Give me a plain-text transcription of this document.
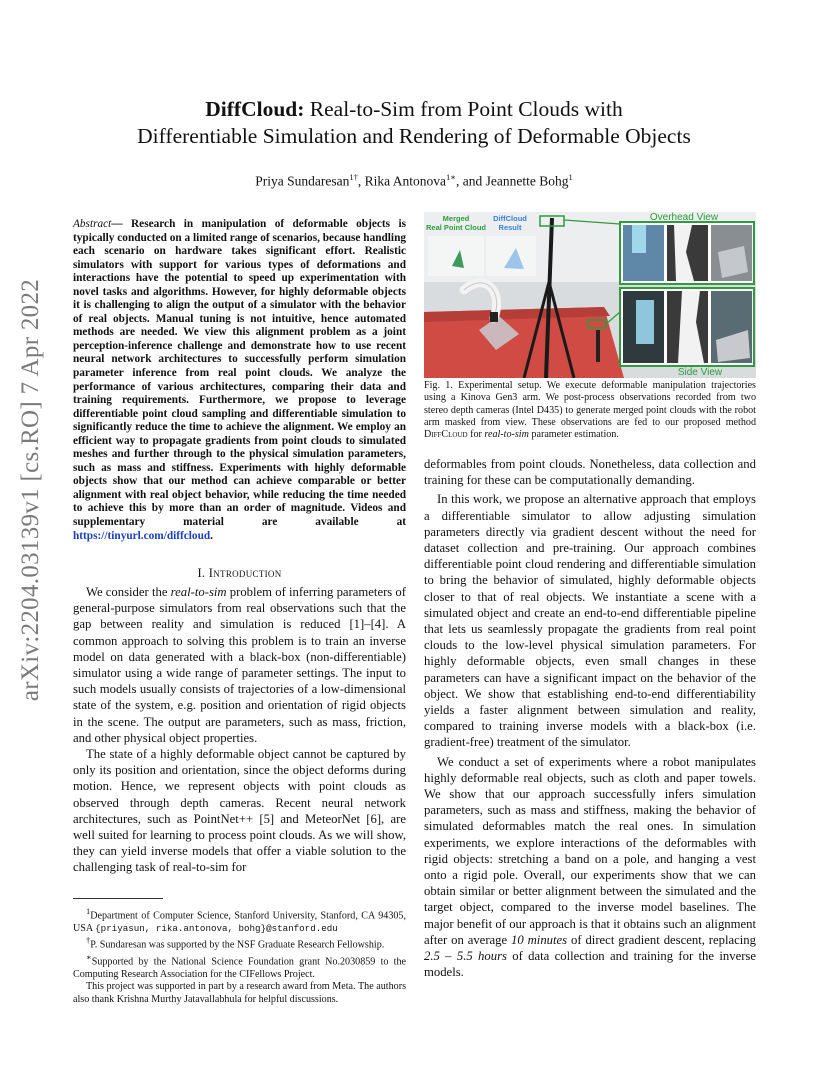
DiffCloud: Real-to-Sim from Point Clouds with
Differentiable Simulation and Rendering of Deformable Objects
Priya Sundaresan$^{1\dagger}$, Rika Antonova$^{1∗}$, and Jeannette Bohg$^1$
arXiv:2204.03139v1 [cs.RO] 7 Apr 2022
Abstract— Research in manipulation of deformable objects is typically conducted on a limited range of scenarios, because handling each scenario on hardware takes significant effort. Realistic simulators with support for various types of deformations and interactions have the potential to speed up experimentation with novel tasks and algorithms. However, for highly deformable objects it is challenging to align the output of a simulator with the behavior of real objects. Manual tuning is not intuitive, hence automated methods are needed. We view this alignment problem as a joint perception-inference challenge and demonstrate how to use recent neural network architectures to successfully perform simulation parameter inference from real point clouds. We analyze the performance of various architectures, comparing their data and training requirements. Furthermore, we propose to leverage differentiable point cloud sampling and differentiable simulation to significantly reduce the time to achieve the alignment. We employ an efficient way to propagate gradients from point clouds to simulated meshes and further through to the physical simulation parameters, such as mass and stiffness. Experiments with highly deformable objects show that our method can achieve comparable or better alignment with real object behavior, while reducing the time needed to achieve this by more than an order of magnitude. Videos and supplementary material are available at https://tinyurl.com/diffcloud.
I. Introduction

We consider the real-to-sim problem of inferring parameters of general-purpose simulators from real observations such that the gap between reality and simulation is reduced [1]–[4]. A common approach to solving this problem is to train an inverse model on data generated with a black-box (non-differentiable) simulator using a wide range of parameter settings. The input to such models usually consists of trajectories of a low-dimensional state of the system, e.g. position and orientation of rigid objects in the scene. The output are parameters, such as mass, friction, and other physical object properties.

The state of a highly deformable object cannot be captured by only its position and orientation, since the object deforms during motion. Hence, we represent objects with point clouds as observed through depth cameras. Recent neural network architectures, such as PointNet++ [5] and MeteorNet [6], are well suited for learning to process point clouds. As we will show, they can yield inverse models that offer a viable solution to the challenging task of real-to-sim for

$^1$Department of Computer Science, Stanford University, Stanford, CA 94305, USA {priyasun, rika.antonova, bohg}@stanford.edu

†P. Sundaresan was supported by the NSF Graduate Research Fellowship.

∗Supported by the National Science Foundation grant No.2030859 to the Computing Research Association for the CIFellows Project.

This project was supported in part by a research award from Meta. The authors also thank Krishna Murthy Jatavallabhula for helpful discussions.

Merged
Real Point Cloud
DiffCloud
Result
Overhead View
Side View
Fig. 1. Experimental setup. We execute deformable manipulation trajectories using a Kinova Gen3 arm. We post-process observations recorded from two stereo depth cameras (Intel D435) to generate merged point clouds with the robot arm masked from view. These observations are fed to our proposed method DiffCloud for real-to-sim parameter estimation.

deformables from point clouds. Nonetheless, data collection and training for these can be computationally demanding.

In this work, we propose an alternative approach that employs a differentiable simulator to allow adjusting simulation parameters directly via gradient descent without the need for dataset collection and pre-training. Our approach combines differentiable point cloud rendering and differentiable simulation to bring the behavior of simulated, highly deformable objects closer to that of real objects. We instantiate a scene with a simulated object and create an end-to-end differentiable pipeline that lets us seamlessly propagate the gradients from real point clouds to the low-level physical simulation parameters. For highly deformable objects, even small changes in these parameters can have a significant impact on the behavior of the object. We show that establishing end-to-end differentiability yields a faster alignment between simulation and reality, compared to training inverse models with a black-box (i.e. gradient-free) treatment of the simulator.

We conduct a set of experiments where a robot manipulates highly deformable real objects, such as cloth and paper towels. We show that our approach successfully infers simulation parameters, such as mass and stiffness, making the behavior of simulated deformables match the real ones. In simulation experiments, we explore interactions of the deformables with rigid objects: stretching a band on a pole, and hanging a vest onto a rigid pole. Overall, our experiments show that we can obtain similar or better alignment between the simulated and the target object, compared to the inverse model baselines. The major benefit of our approach is that it obtains such an alignment after on average 10 minutes of direct gradient descent, replacing 2.5 – 5.5 hours of data collection and training for the inverse models.
